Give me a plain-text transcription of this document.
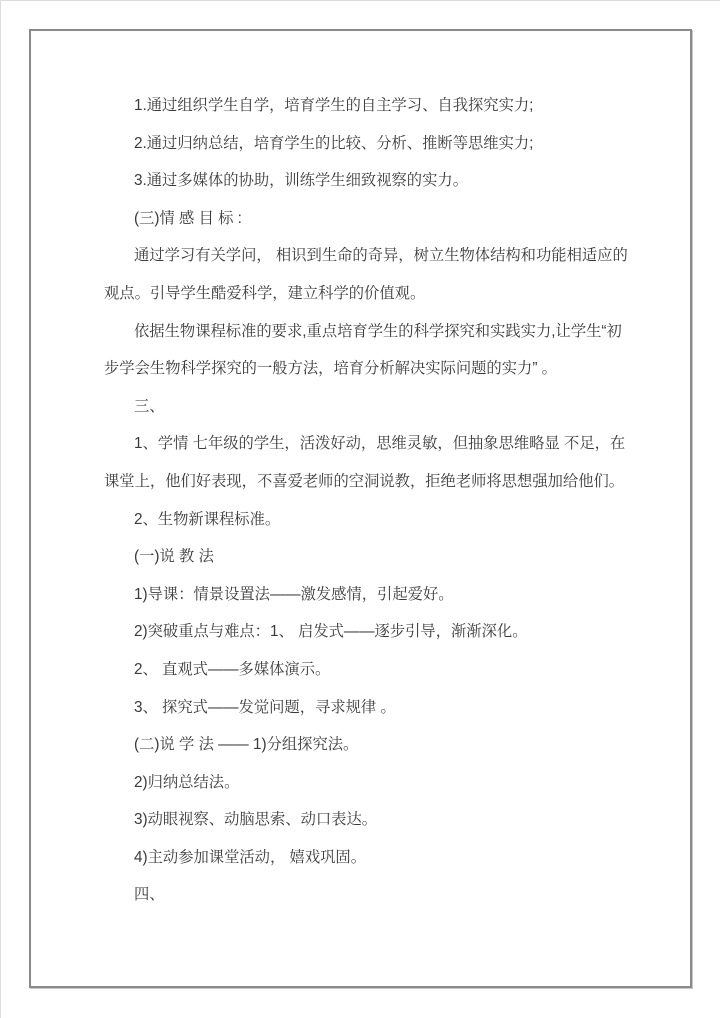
1.通过组织学生自学，培育学生的自主学习、自我探究实力;
2.通过归纳总结，培育学生的比较、分析、推断等思维实力;
3.通过多媒体的协助，训练学生细致视察的实力。
(三)情 感 目 标 :
通过学习有关学问， 相识到生命的奇异，树立生物体结构和功能相适应的
观点。引导学生酷爱科学，建立科学的价值观。
依据生物课程标准的要求,重点培育学生的科学探究和实践实力,让学生“初
步学会生物科学探究的一般方法，培育分析解决实际问题的实力” 。
三、
1、学情 七年级的学生，活泼好动，思维灵敏，但抽象思维略显 不足，在
课堂上，他们好表现，不喜爱老师的空洞说教，拒绝老师将思想强加给他们。
2、生物新课程标准。
(一)说 教 法
1)导课：情景设置法——激发感情，引起爱好。
2)突破重点与难点：1、 启发式——逐步引导，渐渐深化。
2、 直观式——多媒体演示。
3、 探究式——发觉问题，寻求规律 。
(二)说 学 法 —— 1)分组探究法。
2)归纳总结法。
3)动眼视察、动脑思索、动口表达。
4)主动参加课堂活动， 嬉戏巩固。
四、
